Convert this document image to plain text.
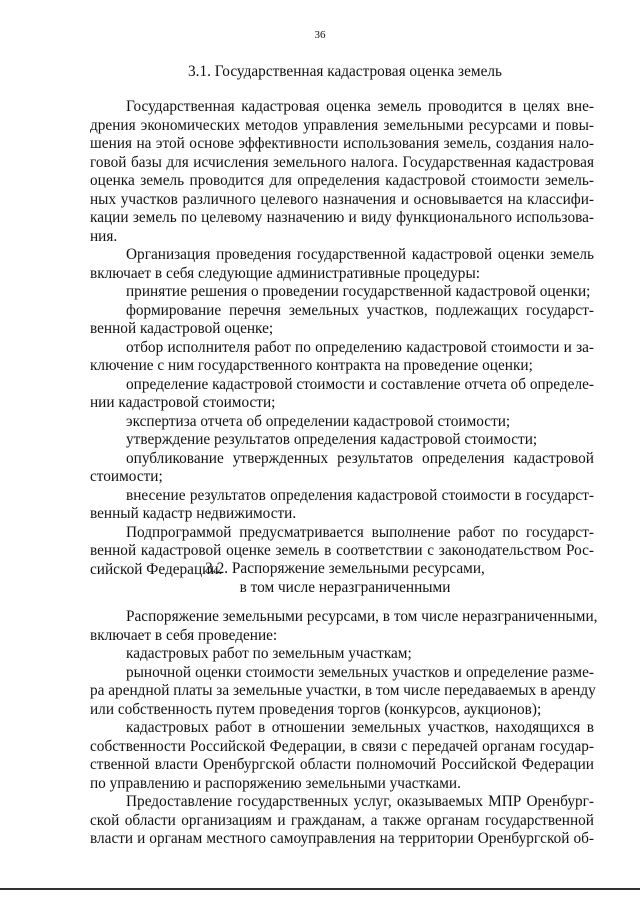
36
3.1. Государственная кадастровая оценка земель
Государственная кадастровая оценка земель проводится в целях вне-
дрения экономических методов управления земельными ресурсами и повы-
шения на этой основе эффективности использования земель, создания нало-
говой базы для исчисления земельного налога. Государственная кадастровая
оценка земель проводится для определения кадастровой стоимости земель-
ных участков различного целевого назначения и основывается на классифи-
кации земель по целевому назначению и виду функционального использова-
ния.
Организация проведения государственной кадастровой оценки земель
включает в себя следующие административные процедуры:
принятие решения о проведении государственной кадастровой оценки;
формирование перечня земельных участков, подлежащих государст-
венной кадастровой оценке;
отбор исполнителя работ по определению кадастровой стоимости и за-
ключение с ним государственного контракта на проведение оценки;
определение кадастровой стоимости и составление отчета об определе-
нии кадастровой стоимости;
экспертиза отчета об определении кадастровой стоимости;
утверждение результатов определения кадастровой стоимости;
опубликование утвержденных результатов определения кадастровой
стоимости;
внесение результатов определения кадастровой стоимости в государст-
венный кадастр недвижимости.
Подпрограммой предусматривается выполнение работ по государст-
венной кадастровой оценке земель в соответствии с законодательством Рос-
сийской Федерации.
3.2. Распоряжение земельными ресурсами,
в том числе неразграниченными
Распоряжение земельными ресурсами, в том числе неразграниченными,
включает в себя проведение:
кадастровых работ по земельным участкам;
рыночной оценки стоимости земельных участков и определение разме-
ра арендной платы за земельные участки, в том числе передаваемых в аренду
или собственность путем проведения торгов (конкурсов, аукционов);
кадастровых работ в отношении земельных участков, находящихся в
собственности Российской Федерации, в связи с передачей органам государ-
ственной власти Оренбургской области полномочий Российской Федерации
по управлению и распоряжению земельными участками.
Предоставление государственных услуг, оказываемых МПР Оренбург-
ской области организациям и гражданам, а также органам государственной
власти и органам местного самоуправления на территории Оренбургской об-
